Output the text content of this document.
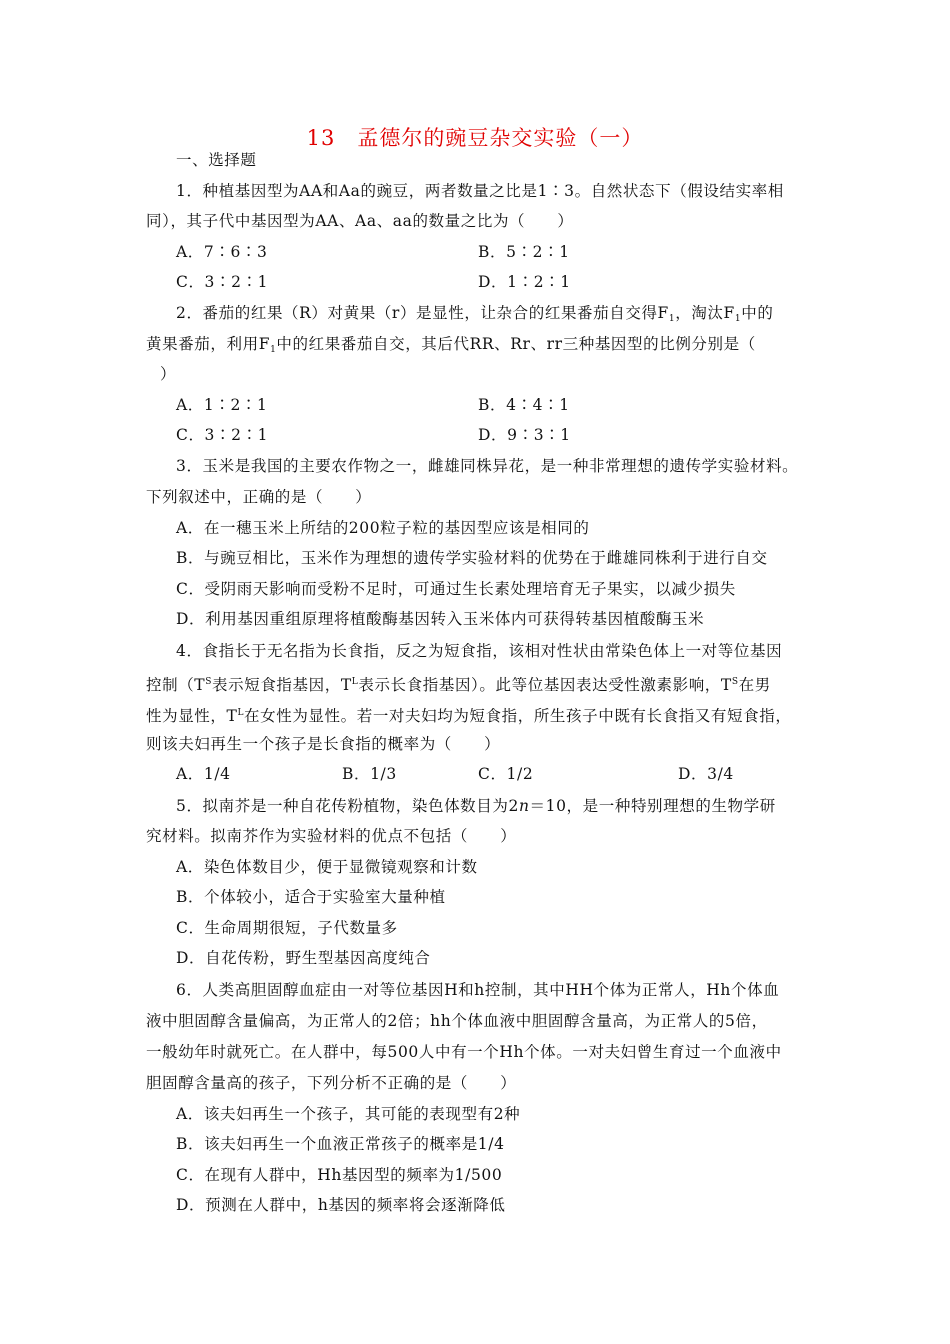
13 孟德尔的豌豆杂交实验（一）
一、选择题
1．种植基因型为AA和Aa的豌豆，两者数量之比是1∶3。自然状态下（假设结实率相
同），其子代中基因型为AA、Aa、aa的数量之比为（　　）
A．7∶6∶3	B．5∶2∶1
C．3∶2∶1	D．1∶2∶1
2．番茄的红果（R）对黄果（r）是显性，让杂合的红果番茄自交得$F_1$，淘汰$F_1$中的
黄果番茄，利用$F_1$中的红果番茄自交，其后代RR、Rr、rr三种基因型的比例分别是（
）
A．1∶2∶1	B．4∶4∶1
C．3∶2∶1	D．9∶3∶1
3．玉米是我国的主要农作物之一，雌雄同株异花，是一种非常理想的遗传学实验材料。
下列叙述中，正确的是（　　）
A．在一穗玉米上所结的200粒子粒的基因型应该是相同的
B．与豌豆相比，玉米作为理想的遗传学实验材料的优势在于雌雄同株利于进行自交
C．受阴雨天影响而受粉不足时，可通过生长素处理培育无子果实，以减少损失
D．利用基因重组原理将植酸酶基因转入玉米体内可获得转基因植酸酶玉米
4．食指长于无名指为长食指，反之为短食指，该相对性状由常染色体上一对等位基因
控制（$T^S$表示短食指基因，$T^L$表示长食指基因）。此等位基因表达受性激素影响，$T^S$在男
性为显性，$T^L$在女性为显性。若一对夫妇均为短食指，所生孩子中既有长食指又有短食指，
则该夫妇再生一个孩子是长食指的概率为（　　）
A．1/4	B．1/3	C．1/2	D．3/4
5．拟南芥是一种自花传粉植物，染色体数目为2n＝10，是一种特别理想的生物学研
究材料。拟南芥作为实验材料的优点不包括（　　）
A．染色体数目少，便于显微镜观察和计数
B．个体较小，适合于实验室大量种植
C．生命周期很短，子代数量多
D．自花传粉，野生型基因高度纯合
6．人类高胆固醇血症由一对等位基因H和h控制，其中HH个体为正常人，Hh个体血
液中胆固醇含量偏高，为正常人的2倍；hh个体血液中胆固醇含量高，为正常人的5倍，
一般幼年时就死亡。在人群中，每500人中有一个Hh个体。一对夫妇曾生育过一个血液中
胆固醇含量高的孩子，下列分析不正确的是（　　）
A．该夫妇再生一个孩子，其可能的表现型有2种
B．该夫妇再生一个血液正常孩子的概率是1/4
C．在现有人群中，Hh基因型的频率为1/500
D．预测在人群中，h基因的频率将会逐渐降低
